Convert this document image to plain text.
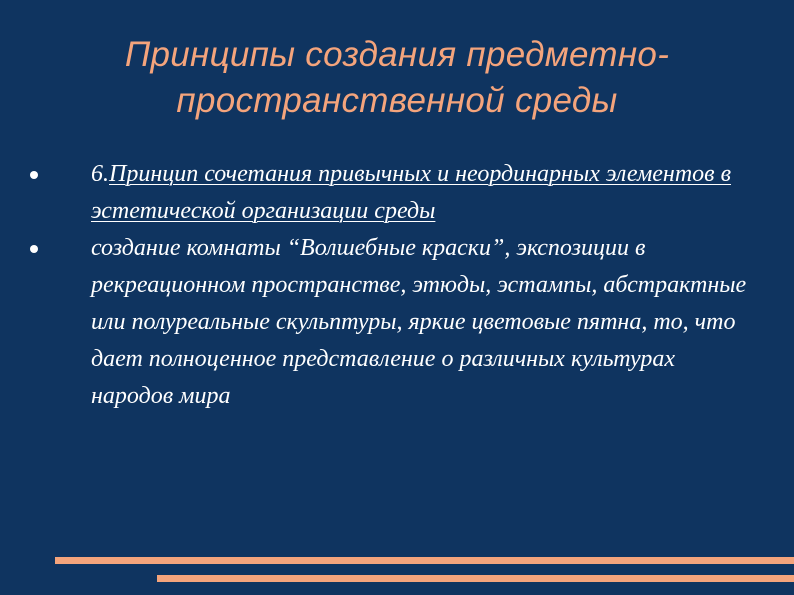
Принципы создания предметно-
пространственной среды
6.Принцип сочетания привычных и неординарных элементов в эстетической организации среды
создание комнаты “Волшебные краски”, экспозиции в рекреационном пространстве, этюды, эстампы, абстрактные или полуреальные скульптуры, яркие цветовые пятна, то, что дает полноценное представление о различных культурах народов мира
